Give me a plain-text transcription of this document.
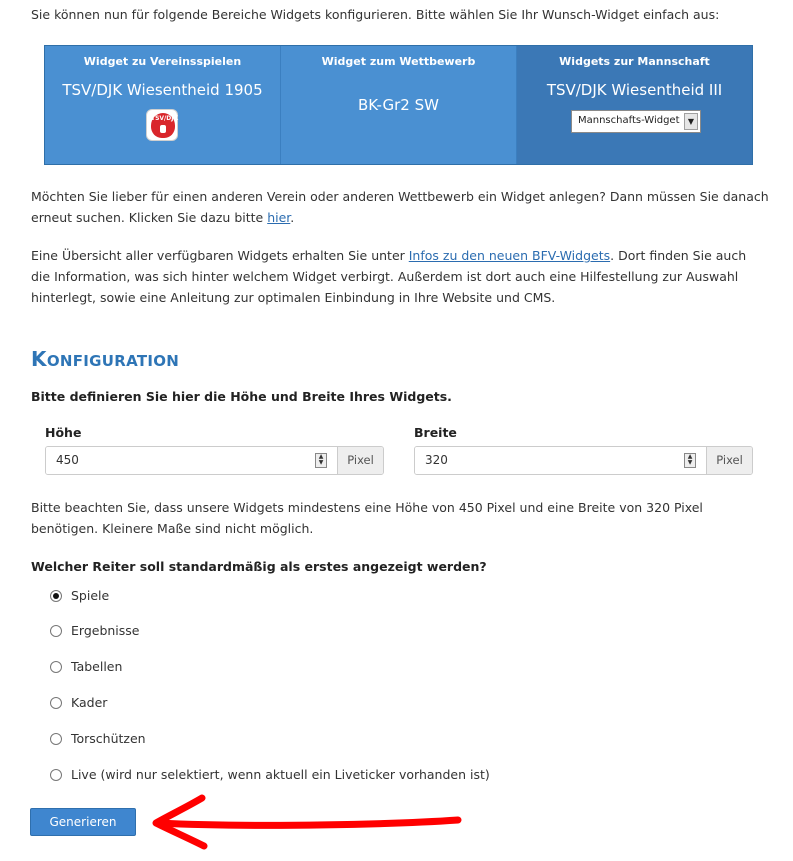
Sie können nun für folgende Bereiche Widgets konfigurieren. Bitte wählen Sie Ihr Wunsch-Widget einfach aus:
Widget zu Vereinsspielen
TSV/DJK Wiesentheid 1905
TSV/DJK
Widget zum Wettbewerb
BK-Gr2 SW
Widgets zur Mannschaft
TSV/DJK Wiesentheid III
Mannschafts-Widget	▼

Möchten Sie lieber für einen anderen Verein oder anderen Wettbewerb ein Widget anlegen? Dann müssen Sie danach erneut suchen. Klicken Sie dazu bitte hier.

Eine Übersicht aller verfügbaren Widgets erhalten Sie unter Infos zu den neuen BFV-Widgets. Dort finden Sie auch die Information, was sich hinter welchem Widget verbirgt. Außerdem ist dort auch eine Hilfestellung zur Auswahl hinterlegt, sowie eine Anleitung zur optimalen Einbindung in Ihre Website und CMS.

KONFIGURATION
Bitte definieren Sie hier die Höhe und Breite Ihres Widgets.
Höhe
450	▲
▼	Pixel
Breite
320	▲
▼	Pixel

Bitte beachten Sie, dass unsere Widgets mindestens eine Höhe von 450 Pixel und eine Breite von 320 Pixel benötigen. Kleinere Maße sind nicht möglich.

Welcher Reiter soll standardmäßig als erstes angezeigt werden?
Spiele
Ergebnisse
Tabellen
Kader
Torschützen
Live (wird nur selektiert, wenn aktuell ein Liveticker vorhanden ist)
Generieren
